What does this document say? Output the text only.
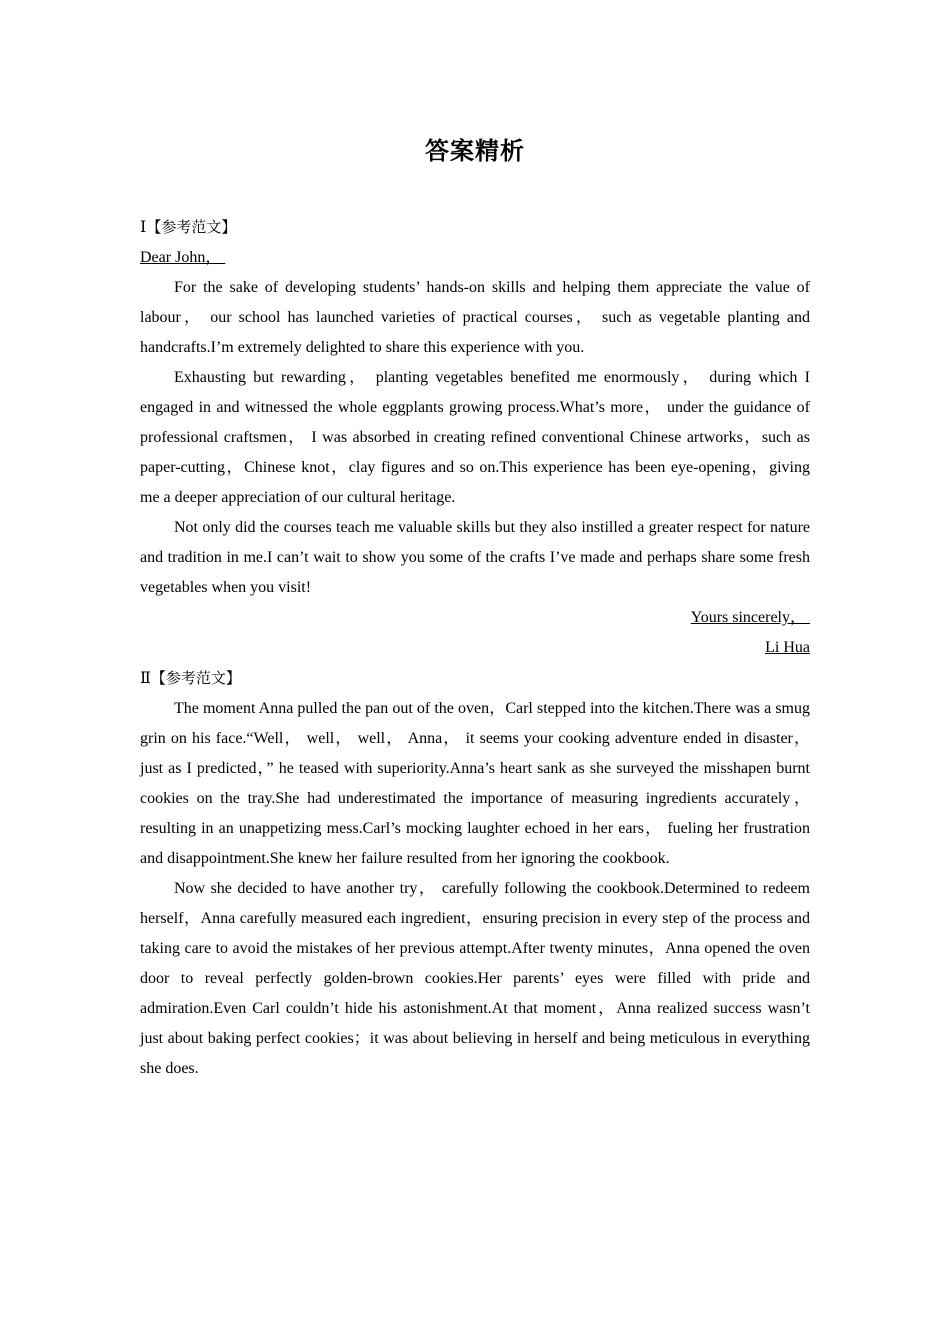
答案精析

Ⅰ【参考范文】

Dear John，

For the sake of developing students’ hands-on skills and helping them appreciate the value of labour， our school has launched varieties of practical courses， such as vegetable planting and handcrafts.I’m extremely delighted to share this experience with you.

Exhausting but rewarding， planting vegetables benefited me enormously， during which I engaged in and witnessed the whole eggplants growing process.What’s more， under the guidance of professional craftsmen， I was absorbed in creating refined conventional Chinese artworks，such as paper-cutting，Chinese knot，clay figures and so on.This experience has been eye-opening，giving me a deeper appreciation of our cultural heritage.

Not only did the courses teach me valuable skills but they also instilled a greater respect for nature and tradition in me.I can’t wait to show you some of the crafts I’ve made and perhaps share some fresh vegetables when you visit!

Yours sincerely，

Li Hua

Ⅱ【参考范文】

The moment Anna pulled the pan out of the oven，Carl stepped into the kitchen.There was a smug grin on his face.“Well， well， well， Anna， it seems your cooking adventure ended in disaster， just as I predicted，” he teased with superiority.Anna’s heart sank as she surveyed the misshapen burnt cookies on the tray.She had underestimated the importance of measuring ingredients accurately，resulting in an unappetizing mess.Carl’s mocking laughter echoed in her ears， fueling her frustration and disappointment.She knew her failure resulted from her ignoring the cookbook.

Now she decided to have another try， carefully following the cookbook.Determined to redeem herself，Anna carefully measured each ingredient，ensuring precision in every step of the process and taking care to avoid the mistakes of her previous attempt.After twenty minutes，Anna opened the oven door to reveal perfectly golden-brown cookies.Her parents’ eyes were filled with pride and admiration.Even Carl couldn’t hide his astonishment.At that moment，Anna realized success wasn’t just about baking perfect cookies；it was about believing in herself and being meticulous in everything she does.
